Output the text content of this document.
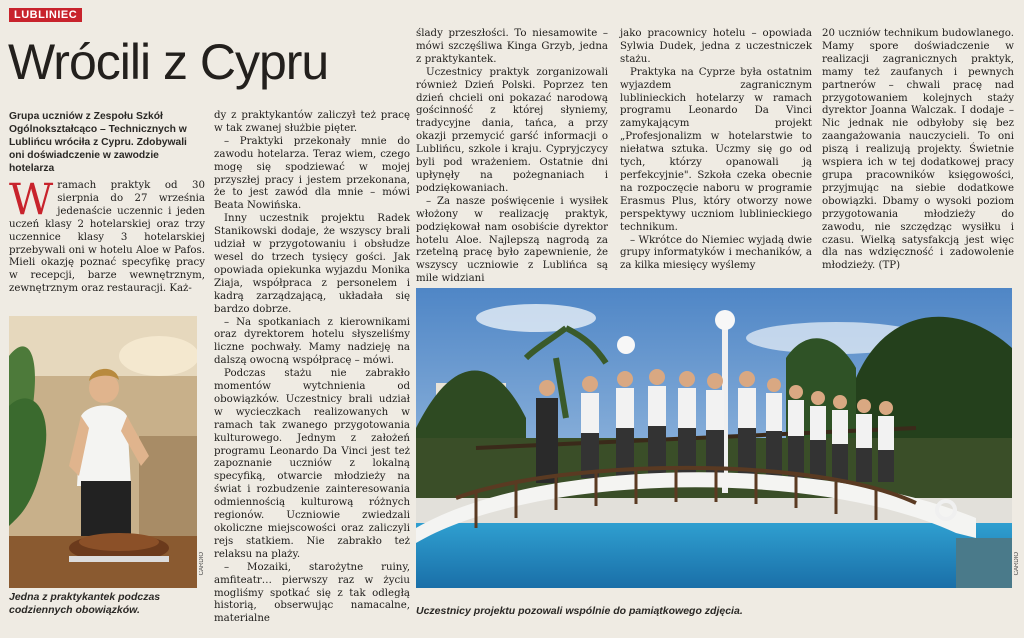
LUBLINIEC
Wrócili z Cypru
Grupa uczniów z Zespołu Szkół Ogólnokształcąco – Technicznych w Lublińcu wróciła z Cypru. Zdobywali oni doświadczenie w zawodzie hotelarza

Wramach praktyk od 30 sierpnia do 27 września jedenaście uczennic i jeden uczeń klasy 2 hotelarskiej oraz trzy uczennice klasy 3 hotelarskiej przebywali oni w hotelu Aloe w Pafos. Mieli okazję poznać specyfikę pracy w recepcji, barze wewnętrznym, zewnętrznym oraz restauracji. Każ-

CARDIO
Jedna z praktykantek podczas codziennych obowiązków.

dy z praktykantów zaliczył też pracę w tak zwanej służbie pięter.

– Praktyki przekonały mnie do zawodu hotelarza. Teraz wiem, czego mogę się spodziewać w mojej przyszłej pracy i jestem przekonana, że to jest zawód dla mnie – mówi Beata Nowińska.

Inny uczestnik projektu Radek Stanikowski dodaje, że wszyscy brali udział w przygotowaniu i obsłudze wesel do trzech tysięcy gości. Jak opowiada opiekunka wyjazdu Monika Ziaja, współpraca z personelem i kadrą zarządzającą, układała się bardzo dobrze.

– Na spotkaniach z kierownikami oraz dyrektorem hotelu słyszeliśmy liczne pochwały. Mamy nadzieję na dalszą owocną współpracę – mówi.

Podczas stażu nie zabrakło momentów wytchnienia od obowiązków. Uczestnicy brali udział w wycieczkach realizowanych w ramach tak zwanego przygotowania kulturowego. Jednym z założeń programu Leonardo Da Vinci jest też zapoznanie uczniów z lokalną specyfiką, otwarcie młodzieży na świat i rozbudzenie zainteresowania odmiennością kulturową różnych regionów. Uczniowie zwiedzali okoliczne miejscowości oraz zaliczyli rejs statkiem. Nie zabrakło też relaksu na plaży.

– Mozaiki, starożytne ruiny, amfiteatr… pierwszy raz w życiu mogliśmy spotkać się z tak odległą historią, obserwując namacalne, materialne

ślady przeszłości. To niesamowite – mówi szczęśliwa Kinga Grzyb, jedna z praktykantek.

Uczestnicy praktyk zorganizowali również Dzień Polski. Poprzez ten dzień chcieli oni pokazać narodową gościnność z której słyniemy, tradycyjne dania, tańca, a przy okazji przemycić garść informacji o Lublińcu, szkole i kraju. Cypryjczycy byli pod wrażeniem. Ostatnie dni upłynęły na pożegnaniach i podziękowaniach.

– Za nasze poświęcenie i wysiłek włożony w realizację praktyk, podziękował nam osobiście dyrektor hotelu Aloe. Najlepszą nagrodą za rzetelną pracę było zapewnienie, że wszyscy uczniowie z Lublińca są mile widziani

jako pracownicy hotelu – opowiada Sylwia Dudek, jedna z uczestniczek stażu.

Praktyka na Cyprze była ostatnim wyjazdem zagranicznym lublinieckich hotelarzy w ramach programu Leonardo Da Vinci zamykającym projekt „Profesjonalizm w hotelarstwie to niełatwa sztuka. Uczmy się go od tych, którzy opanowali ją perfekcyjnie". Szkoła czeka obecnie na rozpoczęcie naboru w programie Erasmus Plus, który otworzy nowe perspektywy uczniom lublinieckiego technikum.

– Wkrótce do Niemiec wyjadą dwie grupy informatyków i mechaników, a za kilka miesięcy wyślemy

20 uczniów technikum budowlanego. Mamy spore doświadczenie w realizacji zagranicznych praktyk, mamy też zaufanych i pewnych partnerów – chwali pracę nad przygotowaniem kolejnych staży dyrektor Joanna Walczak. I dodaje – Nic jednak nie odbyłoby się bez zaangażowania nauczycieli. To oni piszą i realizują projekty. Świetnie wspiera ich w tej dodatkowej pracy grupa pracowników księgowości, przyjmując na siebie dodatkowe obowiązki. Dbamy o wysoki poziom przygotowania młodzieży do zawodu, nie szczędząc wysiłku i czasu. Wielką satysfakcją jest więc dla nas wdzięczność i zadowolenie młodzieży. (TP)

CARDIO
Uczestnicy projektu pozowali wspólnie do pamiątkowego zdjęcia.
